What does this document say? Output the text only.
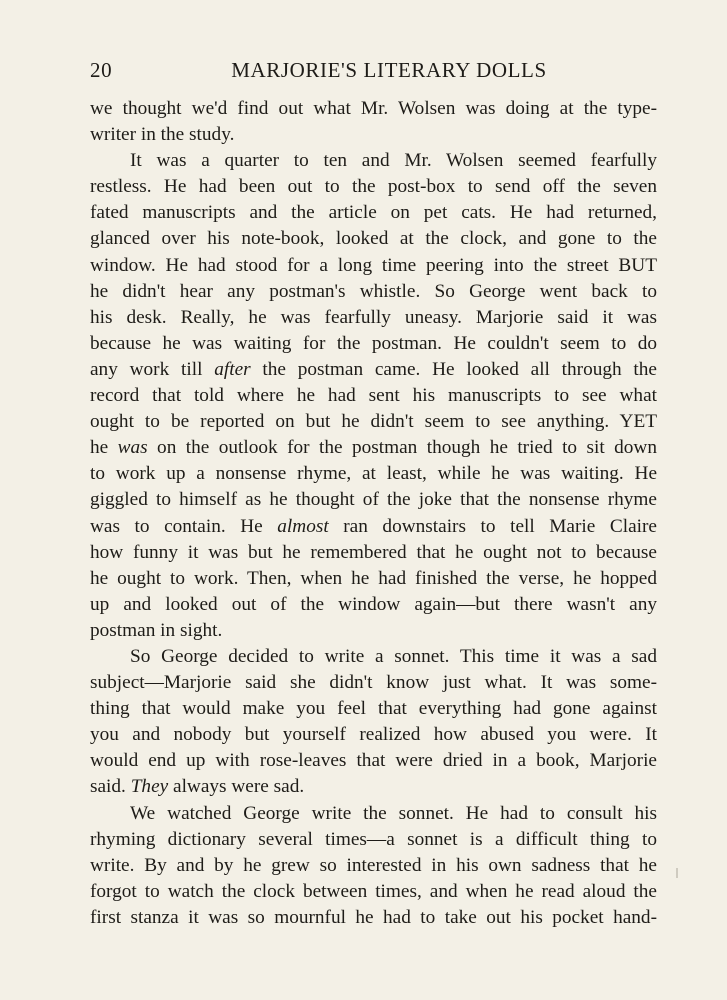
20	MARJORIE'S LITERARY DOLLS
we thought we'd find out what Mr. Wolsen was doing at the type-
writer in the study.
It was a quarter to ten and Mr. Wolsen seemed fearfully
restless. He had been out to the post-box to send off the seven
fated manuscripts and the article on pet cats. He had returned,
glanced over his note-book, looked at the clock, and gone to the
window. He had stood for a long time peering into the street BUT
he didn't hear any postman's whistle. So George went back to
his desk. Really, he was fearfully uneasy. Marjorie said it was
because he was waiting for the postman. He couldn't seem to do
any work till after the postman came. He looked all through the
record that told where he had sent his manuscripts to see what
ought to be reported on but he didn't seem to see anything. YET
he was on the outlook for the postman though he tried to sit down
to work up a nonsense rhyme, at least, while he was waiting. He
giggled to himself as he thought of the joke that the nonsense rhyme
was to contain. He almost ran downstairs to tell Marie Claire
how funny it was but he remembered that he ought not to because
he ought to work. Then, when he had finished the verse, he hopped
up and looked out of the window again—but there wasn't any
postman in sight.
So George decided to write a sonnet. This time it was a sad
subject—Marjorie said she didn't know just what. It was some-
thing that would make you feel that everything had gone against
you and nobody but yourself realized how abused you were. It
would end up with rose-leaves that were dried in a book, Marjorie
said. They always were sad.
We watched George write the sonnet. He had to consult his
rhyming dictionary several times—a sonnet is a difficult thing to
write. By and by he grew so interested in his own sadness that he
forgot to watch the clock between times, and when he read aloud the
first stanza it was so mournful he had to take out his pocket hand-
